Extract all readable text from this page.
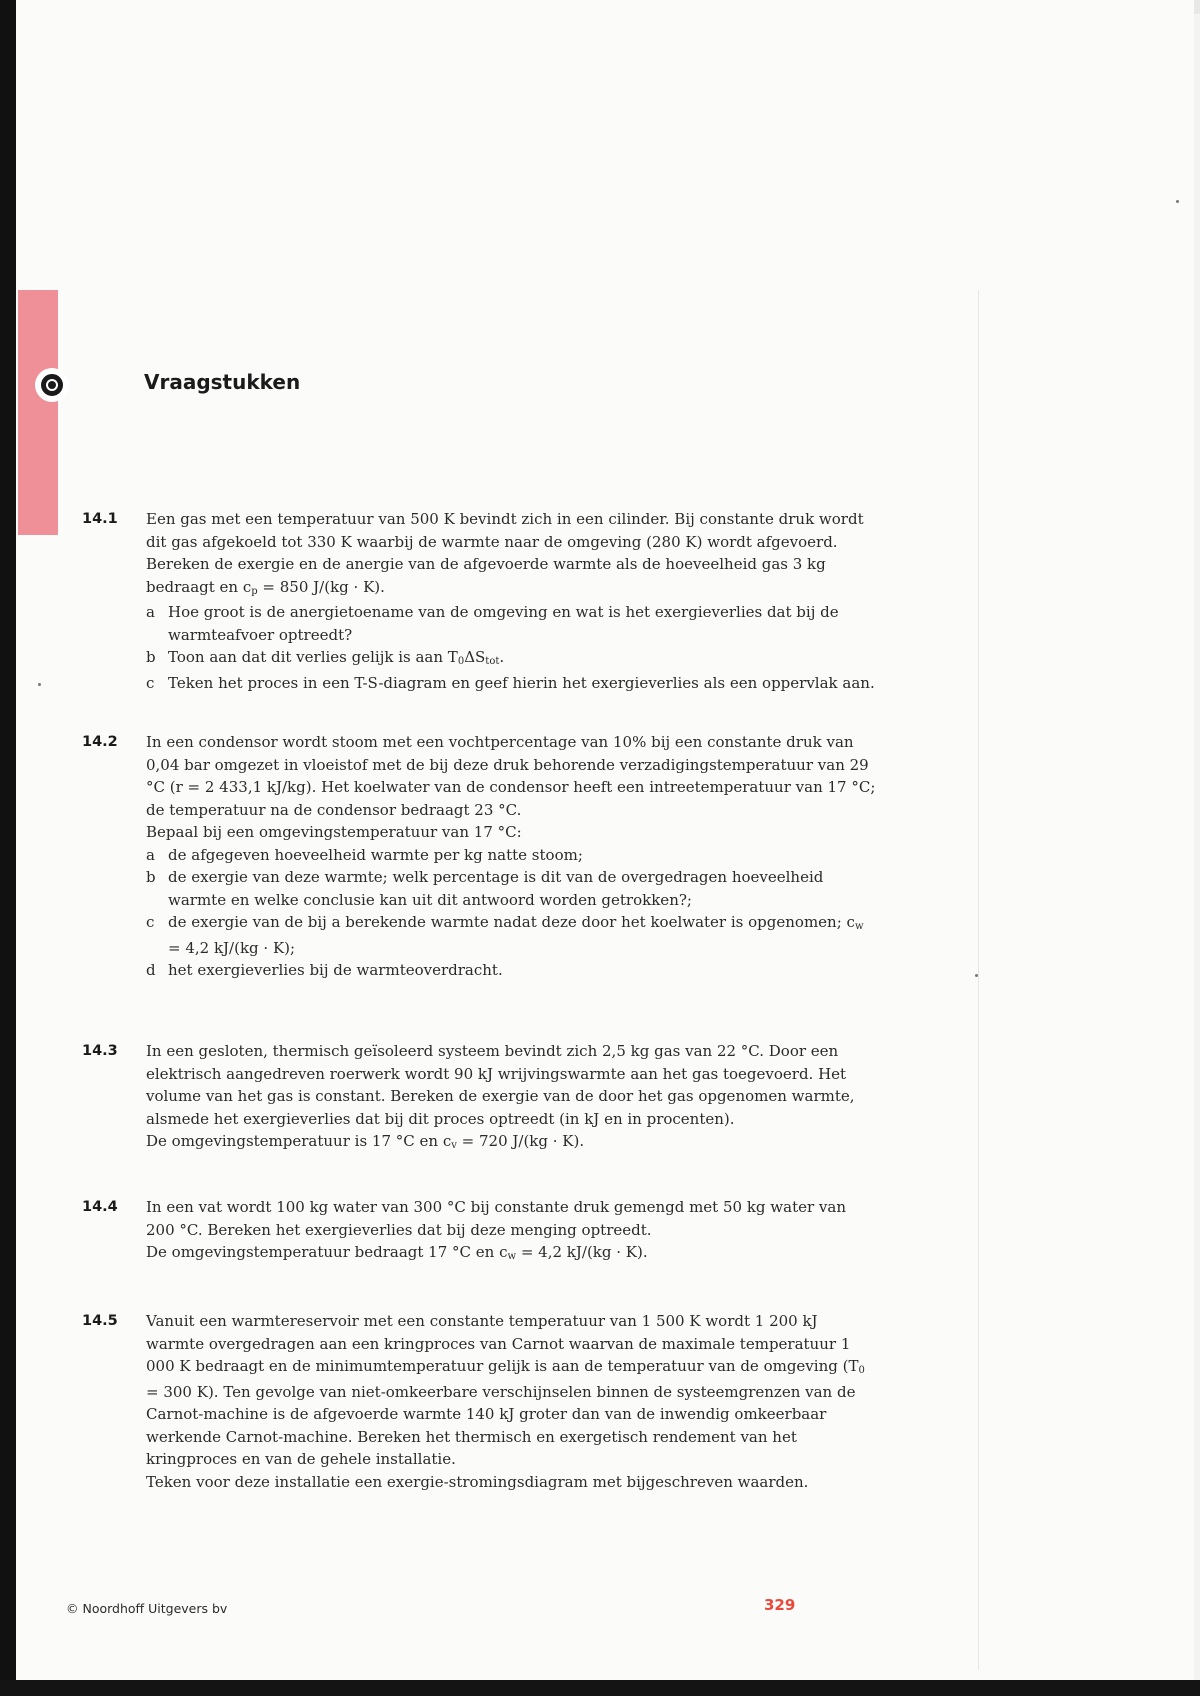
Vraagstukken
14.1 Een gas met een temperatuur van 500 K bevindt zich in een cilinder. Bij constante druk wordt dit gas afgekoeld tot 330 K waarbij de warmte naar de omgeving (280 K) wordt afgevoerd. Bereken de exergie en de anergie van de afgevoerde warmte als de hoeveelheid gas 3 kg bedraagt en cp = 850 J/(kg · K).

a Hoe groot is de anergietoename van de omgeving en wat is het exergieverlies dat bij de warmteafvoer optreedt?
b Toon aan dat dit verlies gelijk is aan T0ΔStot.
c Teken het proces in een T-S-diagram en geef hierin het exergieverlies als een oppervlak aan.
14.2 In een condensor wordt stoom met een vochtpercentage van 10% bij een constante druk van 0,04 bar omgezet in vloeistof met de bij deze druk behorende verzadigingstemperatuur van 29 °C (r = 2 433,1 kJ/kg). Het koelwater van de condensor heeft een intreetemperatuur van 17 °C; de temperatuur na de condensor bedraagt 23 °C.

Bepaal bij een omgevingstemperatuur van 17 °C:

a de afgegeven hoeveelheid warmte per kg natte stoom;
b de exergie van deze warmte; welk percentage is dit van de overgedragen hoeveelheid warmte en welke conclusie kan uit dit antwoord worden getrokken?;
c de exergie van de bij a berekende warmte nadat deze door het koelwater is opgenomen; cw = 4,2 kJ/(kg · K);
d het exergieverlies bij de warmteoverdracht.
14.3 In een gesloten, thermisch geïsoleerd systeem bevindt zich 2,5 kg gas van 22 °C. Door een elektrisch aangedreven roerwerk wordt 90 kJ wrijvingswarmte aan het gas toegevoerd. Het volume van het gas is constant. Bereken de exergie van de door het gas opgenomen warmte, alsmede het exergieverlies dat bij dit proces optreedt (in kJ en in procenten).

De omgevingstemperatuur is 17 °C en cv = 720 J/(kg · K).

14.4 In een vat wordt 100 kg water van 300 °C bij constante druk gemengd met 50 kg water van 200 °C. Bereken het exergieverlies dat bij deze menging optreedt.

De omgevingstemperatuur bedraagt 17 °C en cw = 4,2 kJ/(kg · K).

14.5 Vanuit een warmtereservoir met een constante temperatuur van 1 500 K wordt 1 200 kJ warmte overgedragen aan een kringproces van Carnot waarvan de maximale temperatuur 1 000 K bedraagt en de minimumtemperatuur gelijk is aan de temperatuur van de omgeving (T0 = 300 K). Ten gevolge van niet-omkeerbare verschijnselen binnen de systeemgrenzen van de Carnot-machine is de afgevoerde warmte 140 kJ groter dan van de inwendig omkeerbaar werkende Carnot-machine. Bereken het thermisch en exergetisch rendement van het kringproces en van de gehele installatie.

Teken voor deze installatie een exergie-stromingsdiagram met bijgeschreven waarden.

© Noordhoff Uitgevers bv	329
